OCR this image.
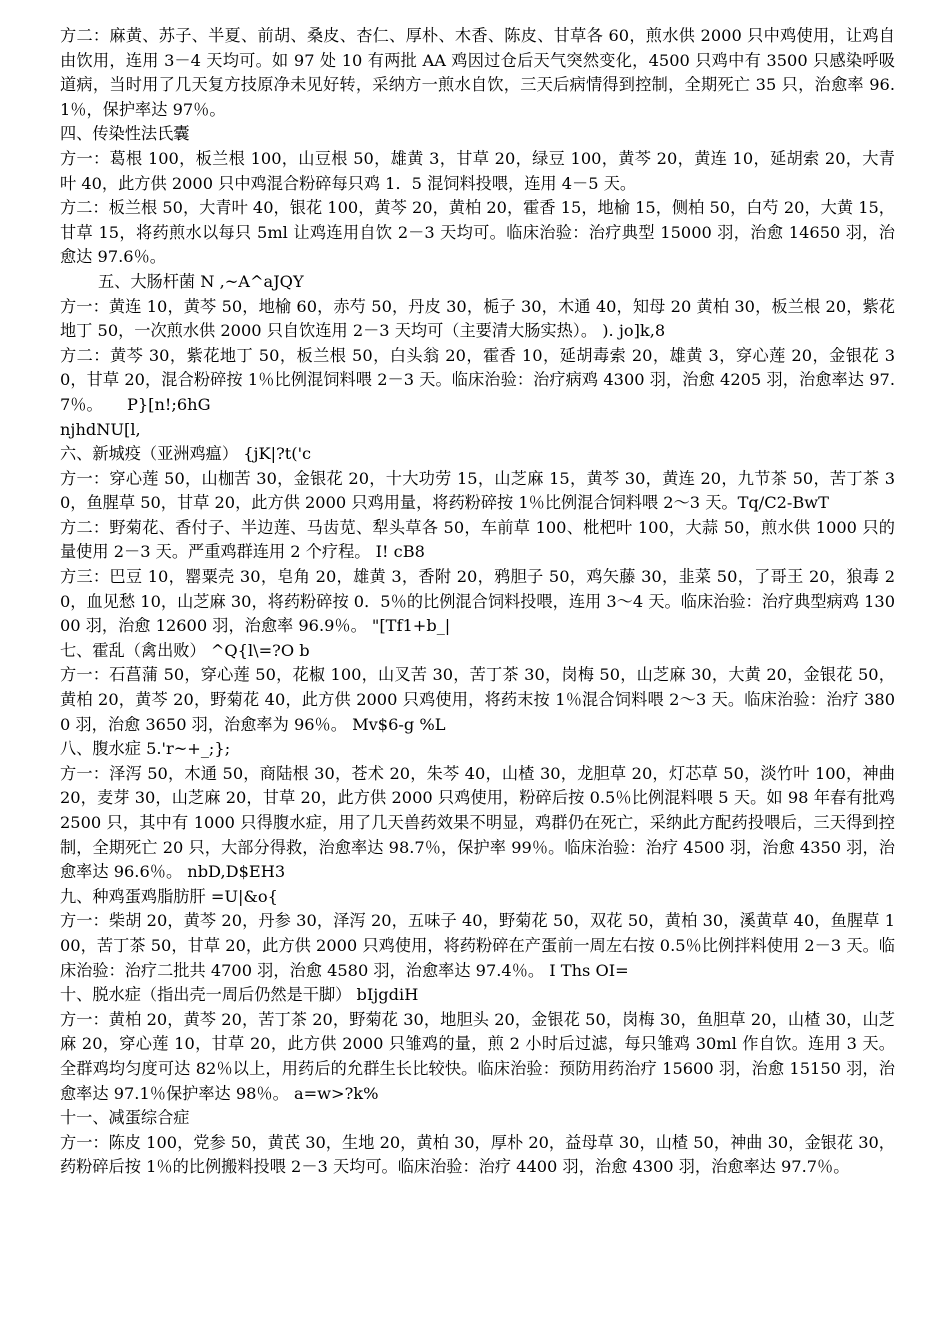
方二：麻黄、苏子、半夏、前胡、桑皮、杏仁、厚朴、木香、陈皮、甘草各 60，煎水供 2000 只中鸡使用，让鸡自由饮用，连用 3－4 天均可。如 97 处 10 有两批 AA 鸡因过仓后天气突然变化，4500 只鸡中有 3500 只感染呼吸道病，当时用了几天复方技原净未见好转，采纳方一煎水自饮，三天后病情得到控制，全期死亡 35 只，治愈率 96.1％，保护率达 97％。

四、传染性法氏囊

方一：葛根 100，板兰根 100，山豆根 50，雄黄 3，甘草 20，绿豆 100，黄芩 20，黄连 10，延胡索 20，大青叶 40，此方供 2000 只中鸡混合粉碎每只鸡 1．5 混饲料投喂，连用 4－5 天。

方二：板兰根 50，大青叶 40，银花 100，黄芩 20，黄柏 20，霍香 15，地榆 15，侧柏 50，白芍 20，大黄 15，甘草 15，将药煎水以每只 5ml 让鸡连用自饮 2－3 天均可。临床治验：治疗典型 15000 羽，治愈 14650 羽，治愈达 97.6％。

五、大肠杆菌 N ,~A^aJQY

方一：黄连 10，黄芩 50，地榆 60，赤芍 50，丹皮 30，栀子 30，木通 40，知母 20 黄柏 30，板兰根 20，紫花地丁 50，一次煎水供 2000 只自饮连用 2－3 天均可（主要清大肠实热）。 ). jo]k,8

方二：黄芩 30，紫花地丁 50，板兰根 50，白头翁 20，霍香 10，延胡毒索 20，雄黄 3，穿心莲 20，金银花 30，甘草 20，混合粉碎按 1％比例混饲料喂 2－3 天。临床治验：治疗病鸡 4300 羽，治愈 4205 羽，治愈率达 97.7％。　　P}[n!;6hG

njhdNU[l,

六、新城疫（亚洲鸡瘟） {jK|?t('c

方一：穿心莲 50，山枷苦 30，金银花 20，十大功劳 15，山芝麻 15，黄芩 30，黄连 20，九节茶 50，苦丁茶 30，鱼腥草 50，甘草 20，此方供 2000 只鸡用量，将药粉碎按 1％比例混合饲料喂 2～3 天。Tq/C2-BwT

方二：野菊花、香付子、半边莲、马齿苋、犁头草各 50，车前草 100、枇杷叶 100，大蒜 50，煎水供 1000 只的量使用 2－3 天。严重鸡群连用 2 个疗程。 I! cB8

方三：巴豆 10，罂粟壳 30，皂角 20，雄黄 3，香附 20，鸦胆子 50，鸡矢藤 30，韭菜 50，了哥王 20，狼毒 20，血见愁 10，山芝麻 30，将药粉碎按 0．5％的比例混合饲料投喂，连用 3～4 天。临床治验：治疗典型病鸡 13000 羽，治愈 12600 羽，治愈率 96.9％。 "[Tf1+b_|

七、霍乱（禽出败） ^Q{l\=?O b

方一：石菖蒲 50，穿心莲 50，花椒 100，山叉苦 30，苦丁茶 30，岗梅 50，山芝麻 30，大黄 20，金银花 50，黄柏 20，黄芩 20，野菊花 40，此方供 2000 只鸡使用，将药末按 1％混合饲料喂 2～3 天。临床治验：治疗 3800 羽，治愈 3650 羽，治愈率为 96％。 Mv$6-g %L

八、腹水症 5.'r~+_;};

方一：泽泻 50，木通 50，商陆根 30，苍术 20，朱芩 40，山楂 30，龙胆草 20，灯芯草 50，淡竹叶 100，神曲 20，麦芽 30，山芝麻 20，甘草 20，此方供 2000 只鸡使用，粉碎后按 0.5％比例混料喂 5 天。如 98 年春有批鸡 2500 只，其中有 1000 只得腹水症，用了几天兽药效果不明显，鸡群仍在死亡，采纳此方配药投喂后，三天得到控制，全期死亡 20 只，大部分得救，治愈率达 98.7％，保护率 99％。临床治验：治疗 4500 羽，治愈 4350 羽，治愈率达 96.6％。 nbD,D$EH3

九、种鸡蛋鸡脂肪肝 =U|&o{

方一：柴胡 20，黄芩 20，丹参 30，泽泻 20，五味子 40，野菊花 50，双花 50，黄柏 30，溪黄草 40，鱼腥草 100，苦丁茶 50，甘草 20，此方供 2000 只鸡使用，将药粉碎在产蛋前一周左右按 0.5％比例拌料使用 2－3 天。临床治验：治疗二批共 4700 羽，治愈 4580 羽，治愈率达 97.4％。 I Ths OI=

十、脱水症（指出壳一周后仍然是干脚） bIjgdiH

方一：黄柏 20，黄芩 20，苦丁茶 20，野菊花 30，地胆头 20，金银花 50，岗梅 30，鱼胆草 20，山楂 30，山芝麻 20，穿心莲 10，甘草 20，此方供 2000 只雏鸡的量，煎 2 小时后过滤，每只雏鸡 30ml 作自饮。连用 3 天。全群鸡均匀度可达 82％以上，用药后的允群生长比较快。临床治验：预防用药治疗 15600 羽，治愈 15150 羽，治愈率达 97.1％保护率达 98％。 a=w>?k%

十一、减蛋综合症

方一：陈皮 100，党参 50，黄芪 30，生地 20，黄柏 30，厚朴 20，益母草 30，山楂 50，神曲 30，金银花 30，药粉碎后按 1％的比例搬料投喂 2－3 天均可。临床治验：治疗 4400 羽，治愈 4300 羽，治愈率达 97.7％。
